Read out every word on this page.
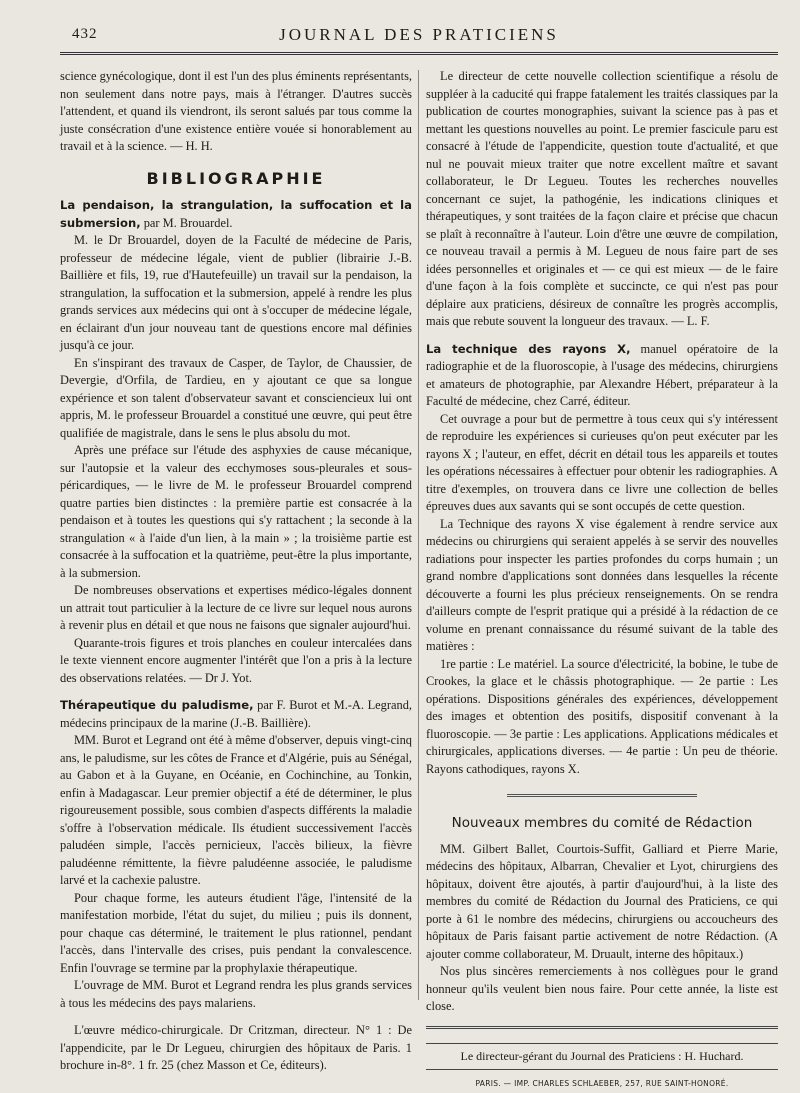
432	JOURNAL DES PRATICIENS

science gynécologique, dont il est l'un des plus éminents représentants, non seulement dans notre pays, mais à l'étranger. D'autres succès l'attendent, et quand ils viendront, ils seront salués par tous comme la juste consécration d'une existence entière vouée si honorablement au travail et à la science. — H. H.

BIBLIOGRAPHIE

La pendaison, la strangulation, la suffocation et la submersion, par M. Brouardel.

M. le Dr Brouardel, doyen de la Faculté de médecine de Paris, professeur de médecine légale, vient de publier (librairie J.-B. Baillière et fils, 19, rue d'Hautefeuille) un travail sur la pendaison, la strangulation, la suffocation et la submersion, appelé à rendre les plus grands services aux médecins qui ont à s'occuper de médecine légale, en éclairant d'un jour nouveau tant de questions encore mal définies jusqu'à ce jour.

En s'inspirant des travaux de Casper, de Taylor, de Chaussier, de Devergie, d'Orfila, de Tardieu, en y ajoutant ce que sa longue expérience et son talent d'observateur savant et consciencieux lui ont appris, M. le professeur Brouardel a constitué une œuvre, qui peut être qualifiée de magistrale, dans le sens le plus absolu du mot.

Après une préface sur l'étude des asphyxies de cause mécanique, sur l'autopsie et la valeur des ecchymoses sous-pleurales et sous-péricardiques, — le livre de M. le professeur Brouardel comprend quatre parties bien distinctes : la première partie est consacrée à la pendaison et à toutes les questions qui s'y rattachent ; la seconde à la strangulation « à l'aide d'un lien, à la main » ; la troisième partie est consacrée à la suffocation et la quatrième, peut-être la plus importante, à la submersion.

De nombreuses observations et expertises médico-légales donnent un attrait tout particulier à la lecture de ce livre sur lequel nous aurons à revenir plus en détail et que nous ne faisons que signaler aujourd'hui.

Quarante-trois figures et trois planches en couleur intercalées dans le texte viennent encore augmenter l'intérêt que l'on a pris à la lecture des observations relatées. — Dr J. Yot.

Thérapeutique du paludisme, par F. Burot et M.-A. Legrand, médecins principaux de la marine (J.-B. Baillière).

MM. Burot et Legrand ont été à même d'observer, depuis vingt-cinq ans, le paludisme, sur les côtes de France et d'Algérie, puis au Sénégal, au Gabon et à la Guyane, en Océanie, en Cochinchine, au Tonkin, enfin à Madagascar. Leur premier objectif a été de déterminer, le plus rigoureusement possible, sous combien d'aspects différents la maladie s'offre à l'observation médicale. Ils étudient successivement l'accès paludéen simple, l'accès pernicieux, l'accès bilieux, la fièvre paludéenne rémittente, la fièvre paludéenne associée, le paludisme larvé et la cachexie palustre.

Pour chaque forme, les auteurs étudient l'âge, l'intensité de la manifestation morbide, l'état du sujet, du milieu ; puis ils donnent, pour chaque cas déterminé, le traitement le plus rationnel, pendant l'accès, dans l'intervalle des crises, puis pendant la convalescence. Enfin l'ouvrage se termine par la prophylaxie thérapeutique.

L'ouvrage de MM. Burot et Legrand rendra les plus grands services à tous les médecins des pays malariens.

L'œuvre médico-chirurgicale. Dr Critzman, directeur. N° 1 : De l'appendicite, par le Dr Legueu, chirurgien des hôpitaux de Paris. 1 brochure in-8°. 1 fr. 25 (chez Masson et Ce, éditeurs).

Le directeur de cette nouvelle collection scientifique a résolu de suppléer à la caducité qui frappe fatalement les traités classiques par la publication de courtes monographies, suivant la science pas à pas et mettant les questions nouvelles au point. Le premier fascicule paru est consacré à l'étude de l'appendicite, question toute d'actualité, et que nul ne pouvait mieux traiter que notre excellent maître et savant collaborateur, le Dr Legueu. Toutes les recherches nouvelles concernant ce sujet, la pathogénie, les indications cliniques et thérapeutiques, y sont traitées de la façon claire et précise que chacun se plaît à reconnaître à l'auteur. Loin d'être une œuvre de compilation, ce nouveau travail a permis à M. Legueu de nous faire part de ses idées personnelles et originales et — ce qui est mieux — de le faire d'une façon à la fois complète et succincte, ce qui n'est pas pour déplaire aux praticiens, désireux de connaître les progrès accomplis, mais que rebute souvent la longueur des travaux. — L. F.

La technique des rayons X, manuel opératoire de la radiographie et de la fluoroscopie, à l'usage des médecins, chirurgiens et amateurs de photographie, par Alexandre Hébert, préparateur à la Faculté de médecine, chez Carré, éditeur.

Cet ouvrage a pour but de permettre à tous ceux qui s'y intéressent de reproduire les expériences si curieuses qu'on peut exécuter par les rayons X ; l'auteur, en effet, décrit en détail tous les appareils et toutes les opérations nécessaires à effectuer pour obtenir les radiographies. A titre d'exemples, on trouvera dans ce livre une collection de belles épreuves dues aux savants qui se sont occupés de cette question.

La Technique des rayons X vise également à rendre service aux médecins ou chirurgiens qui seraient appelés à se servir des nouvelles radiations pour inspecter les parties profondes du corps humain ; un grand nombre d'applications sont données dans lesquelles la récente découverte a fourni les plus précieux renseignements. On se rendra d'ailleurs compte de l'esprit pratique qui a présidé à la rédaction de ce volume en prenant connaissance du résumé suivant de la table des matières :

1re partie : Le matériel. La source d'électricité, la bobine, le tube de Crookes, la glace et le châssis photographique. — 2e partie : Les opérations. Dispositions générales des expériences, développement des images et obtention des positifs, dispositif convenant à la fluoroscopie. — 3e partie : Les applications. Applications médicales et chirurgicales, applications diverses. — 4e partie : Un peu de théorie. Rayons cathodiques, rayons X.

Nouveaux membres du comité de Rédaction

MM. Gilbert Ballet, Courtois-Suffit, Galliard et Pierre Marie, médecins des hôpitaux, Albarran, Chevalier et Lyot, chirurgiens des hôpitaux, doivent être ajoutés, à partir d'aujourd'hui, à la liste des membres du comité de Rédaction du Journal des Praticiens, ce qui porte à 61 le nombre des médecins, chirurgiens ou accoucheurs des hôpitaux de Paris faisant partie activement de notre Rédaction. (A ajouter comme collaborateur, M. Druault, interne des hôpitaux.)

Nos plus sincères remerciements à nos collègues pour le grand honneur qu'ils veulent bien nous faire. Pour cette année, la liste est close.

Le directeur-gérant du Journal des Praticiens : H. Huchard.
PARIS. — IMP. CHARLES SCHLAEBER, 257, RUE SAINT-HONORÉ.
